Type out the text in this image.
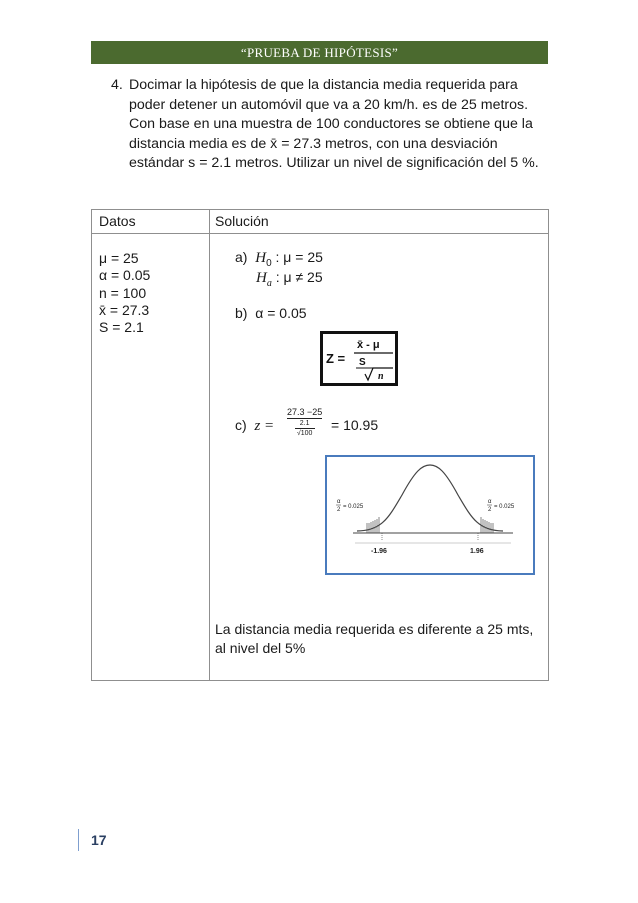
“PRUEBA DE HIPÓTESIS”
4. Docimar la hipótesis de que la distancia media requerida para
poder detener un automóvil que va a 20 km/h. es de 25 metros.
Con base en una muestra de 100 conductores se obtiene que la
distancia media es de x̄ = 27.3 metros, con una desviación
estándar s = 2.1 metros. Utilizar un nivel de significación del 5 %.
Datos	Solución
μ = 25
α = 0.05
n = 100
x̄ = 27.3
S = 2.1
a) $H_0$ : μ = 25
$H_a$ : μ ≠ 25
b) α = 0.05
Z =
x̄ - μ
S
n
c) z =
27.3 −25
2.1
√100
= 10.95
α
2 = 0.025
α
2 = 0.025
-1.96	1.96
La distancia media requerida es diferente a 25 mts, al nivel del 5%
17
